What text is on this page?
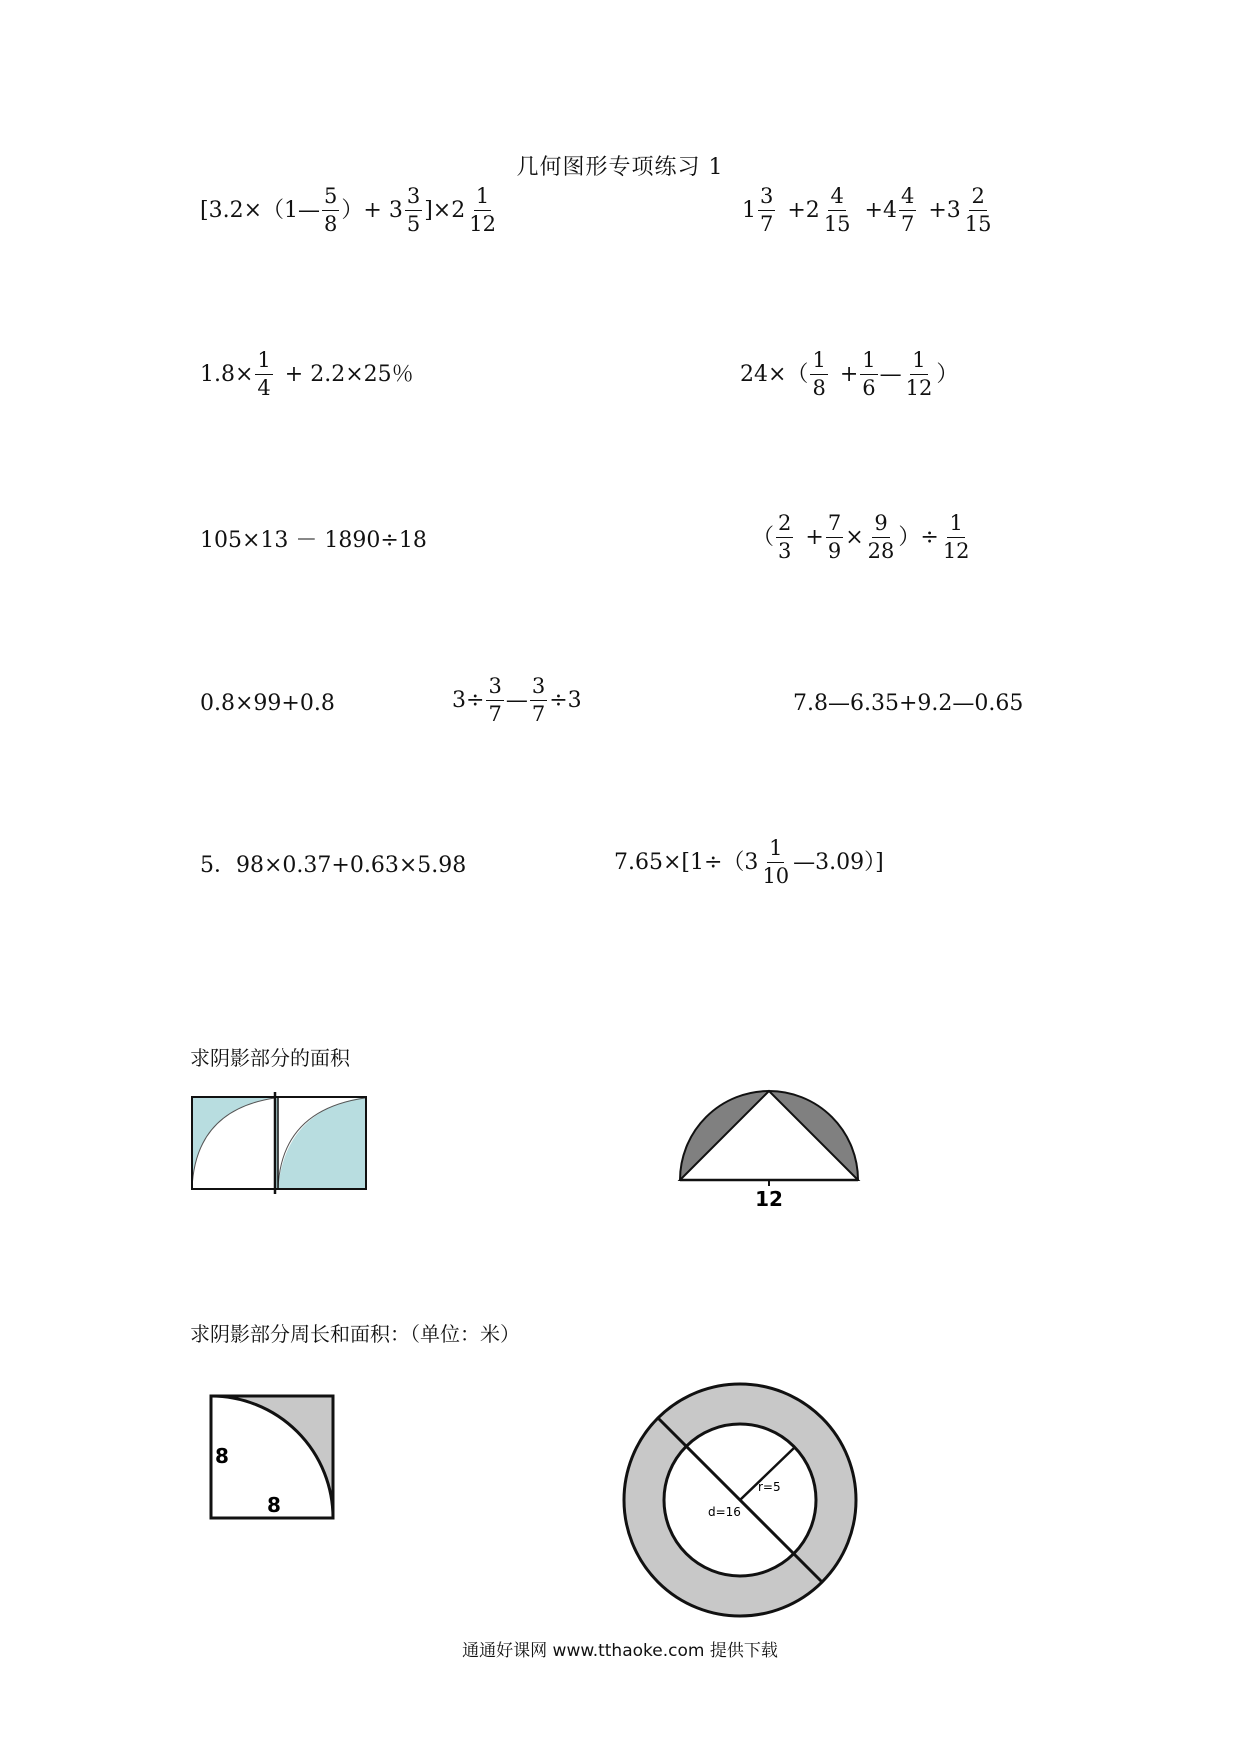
几何图形专项练习 1
[3.2×（1— $\frac{5}{8}$ ）+ $3 \frac{3}{5} ]\times 2 \frac{1}{12}$	$1 \frac{3}{7} +2 \frac{4}{15} +4 \frac{4}{7} +3 \frac{2}{15}$
$1.8\times \frac{1}{4} + 2.2\times 25$％	$24\times( \frac{1}{8} + \frac{1}{6}$ — $\frac{1}{12}$ ）
105×13 － 1890÷18	（ $\frac{2}{3} + \frac{7}{9} \times \frac{9}{28}$ ）÷ $\frac{1}{12}$
0.8×99+0.8	$3\div \frac{3}{7}$ — $\frac{3}{7} \div 3$	7.8—6.35+9.2—0.65
5．98×0.37+0.63×5.98	$7.65\times[1\div(3 \frac{1}{10}$ —3.09）]
求阴影部分的面积
12
求阴影部分周长和面积：（单位：米）
8
8
r=5
d=16
通通好课网 www.tthaoke.com 提供下载
